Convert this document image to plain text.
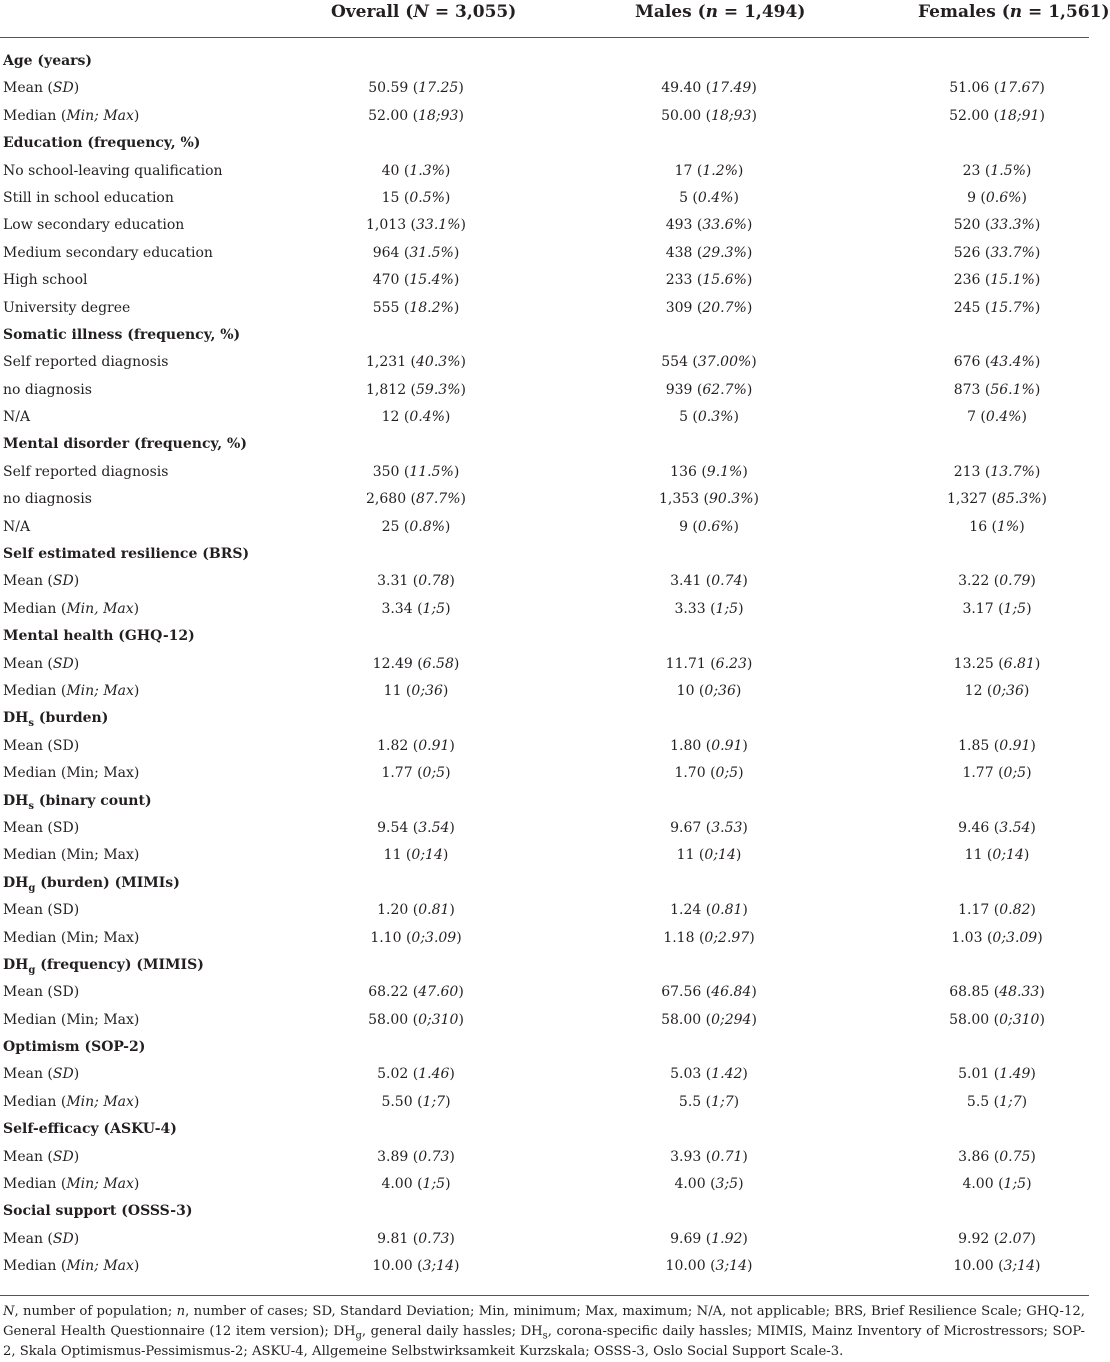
Overall (N = 3,055)	Males (n = 1,494)	Females (n = 1,561)
Age (years)
Mean (SD)	50.59 (17.25)	49.40 (17.49)	51.06 (17.67)
Median (Min; Max)	52.00 (18;93)	50.00 (18;93)	52.00 (18;91)
Education (frequency, %)
No school-leaving qualification	40 (1.3%)	17 (1.2%)	23 (1.5%)
Still in school education	15 (0.5%)	5 (0.4%)	9 (0.6%)
Low secondary education	1,013 (33.1%)	493 (33.6%)	520 (33.3%)
Medium secondary education	964 (31.5%)	438 (29.3%)	526 (33.7%)
High school	470 (15.4%)	233 (15.6%)	236 (15.1%)
University degree	555 (18.2%)	309 (20.7%)	245 (15.7%)
Somatic illness (frequency, %)
Self reported diagnosis	1,231 (40.3%)	554 (37.00%)	676 (43.4%)
no diagnosis	1,812 (59.3%)	939 (62.7%)	873 (56.1%)
N/A	12 (0.4%)	5 (0.3%)	7 (0.4%)
Mental disorder (frequency, %)
Self reported diagnosis	350 (11.5%)	136 (9.1%)	213 (13.7%)
no diagnosis	2,680 (87.7%)	1,353 (90.3%)	1,327 (85.3%)
N/A	25 (0.8%)	9 (0.6%)	16 (1%)
Self estimated resilience (BRS)
Mean (SD)	3.31 (0.78)	3.41 (0.74)	3.22 (0.79)
Median (Min, Max)	3.34 (1;5)	3.33 (1;5)	3.17 (1;5)
Mental health (GHQ-12)
Mean (SD)	12.49 (6.58)	11.71 (6.23)	13.25 (6.81)
Median (Min; Max)	11 (0;36)	10 (0;36)	12 (0;36)
$DH_s$ (burden)
Mean (SD)	1.82 (0.91)	1.80 (0.91)	1.85 (0.91)
Median (Min; Max)	1.77 (0;5)	1.70 (0;5)	1.77 (0;5)
$DH_s$ (binary count)
Mean (SD)	9.54 (3.54)	9.67 (3.53)	9.46 (3.54)
Median (Min; Max)	11 (0;14)	11 (0;14)	11 (0;14)
$DH_g$ (burden) (MIMIs)
Mean (SD)	1.20 (0.81)	1.24 (0.81)	1.17 (0.82)
Median (Min; Max)	1.10 (0;3.09)	1.18 (0;2.97)	1.03 (0;3.09)
$DH_g$ (frequency) (MIMIS)
Mean (SD)	68.22 (47.60)	67.56 (46.84)	68.85 (48.33)
Median (Min; Max)	58.00 (0;310)	58.00 (0;294)	58.00 (0;310)
Optimism (SOP-2)
Mean (SD)	5.02 (1.46)	5.03 (1.42)	5.01 (1.49)
Median (Min; Max)	5.50 (1;7)	5.5 (1;7)	5.5 (1;7)
Self-efficacy (ASKU-4)
Mean (SD)	3.89 (0.73)	3.93 (0.71)	3.86 (0.75)
Median (Min; Max)	4.00 (1;5)	4.00 (3;5)	4.00 (1;5)
Social support (OSSS-3)
Mean (SD)	9.81 (0.73)	9.69 (1.92)	9.92 (2.07)
Median (Min; Max)	10.00 (3;14)	10.00 (3;14)	10.00 (3;14)
N, number of population; n, number of cases; SD, Standard Deviation; Min, minimum; Max, maximum; N/A, not applicable; BRS, Brief Resilience Scale; GHQ-12, General Health Questionnaire (12 item version); $DH_g$, general daily hassles; $DH_s$, corona-specific daily hassles; MIMIS, Mainz Inventory of Microstressors; SOP-2, Skala Optimismus-Pessimismus-2; ASKU-4, Allgemeine Selbstwirksamkeit Kurzskala; OSSS-3, Oslo Social Support Scale-3.
